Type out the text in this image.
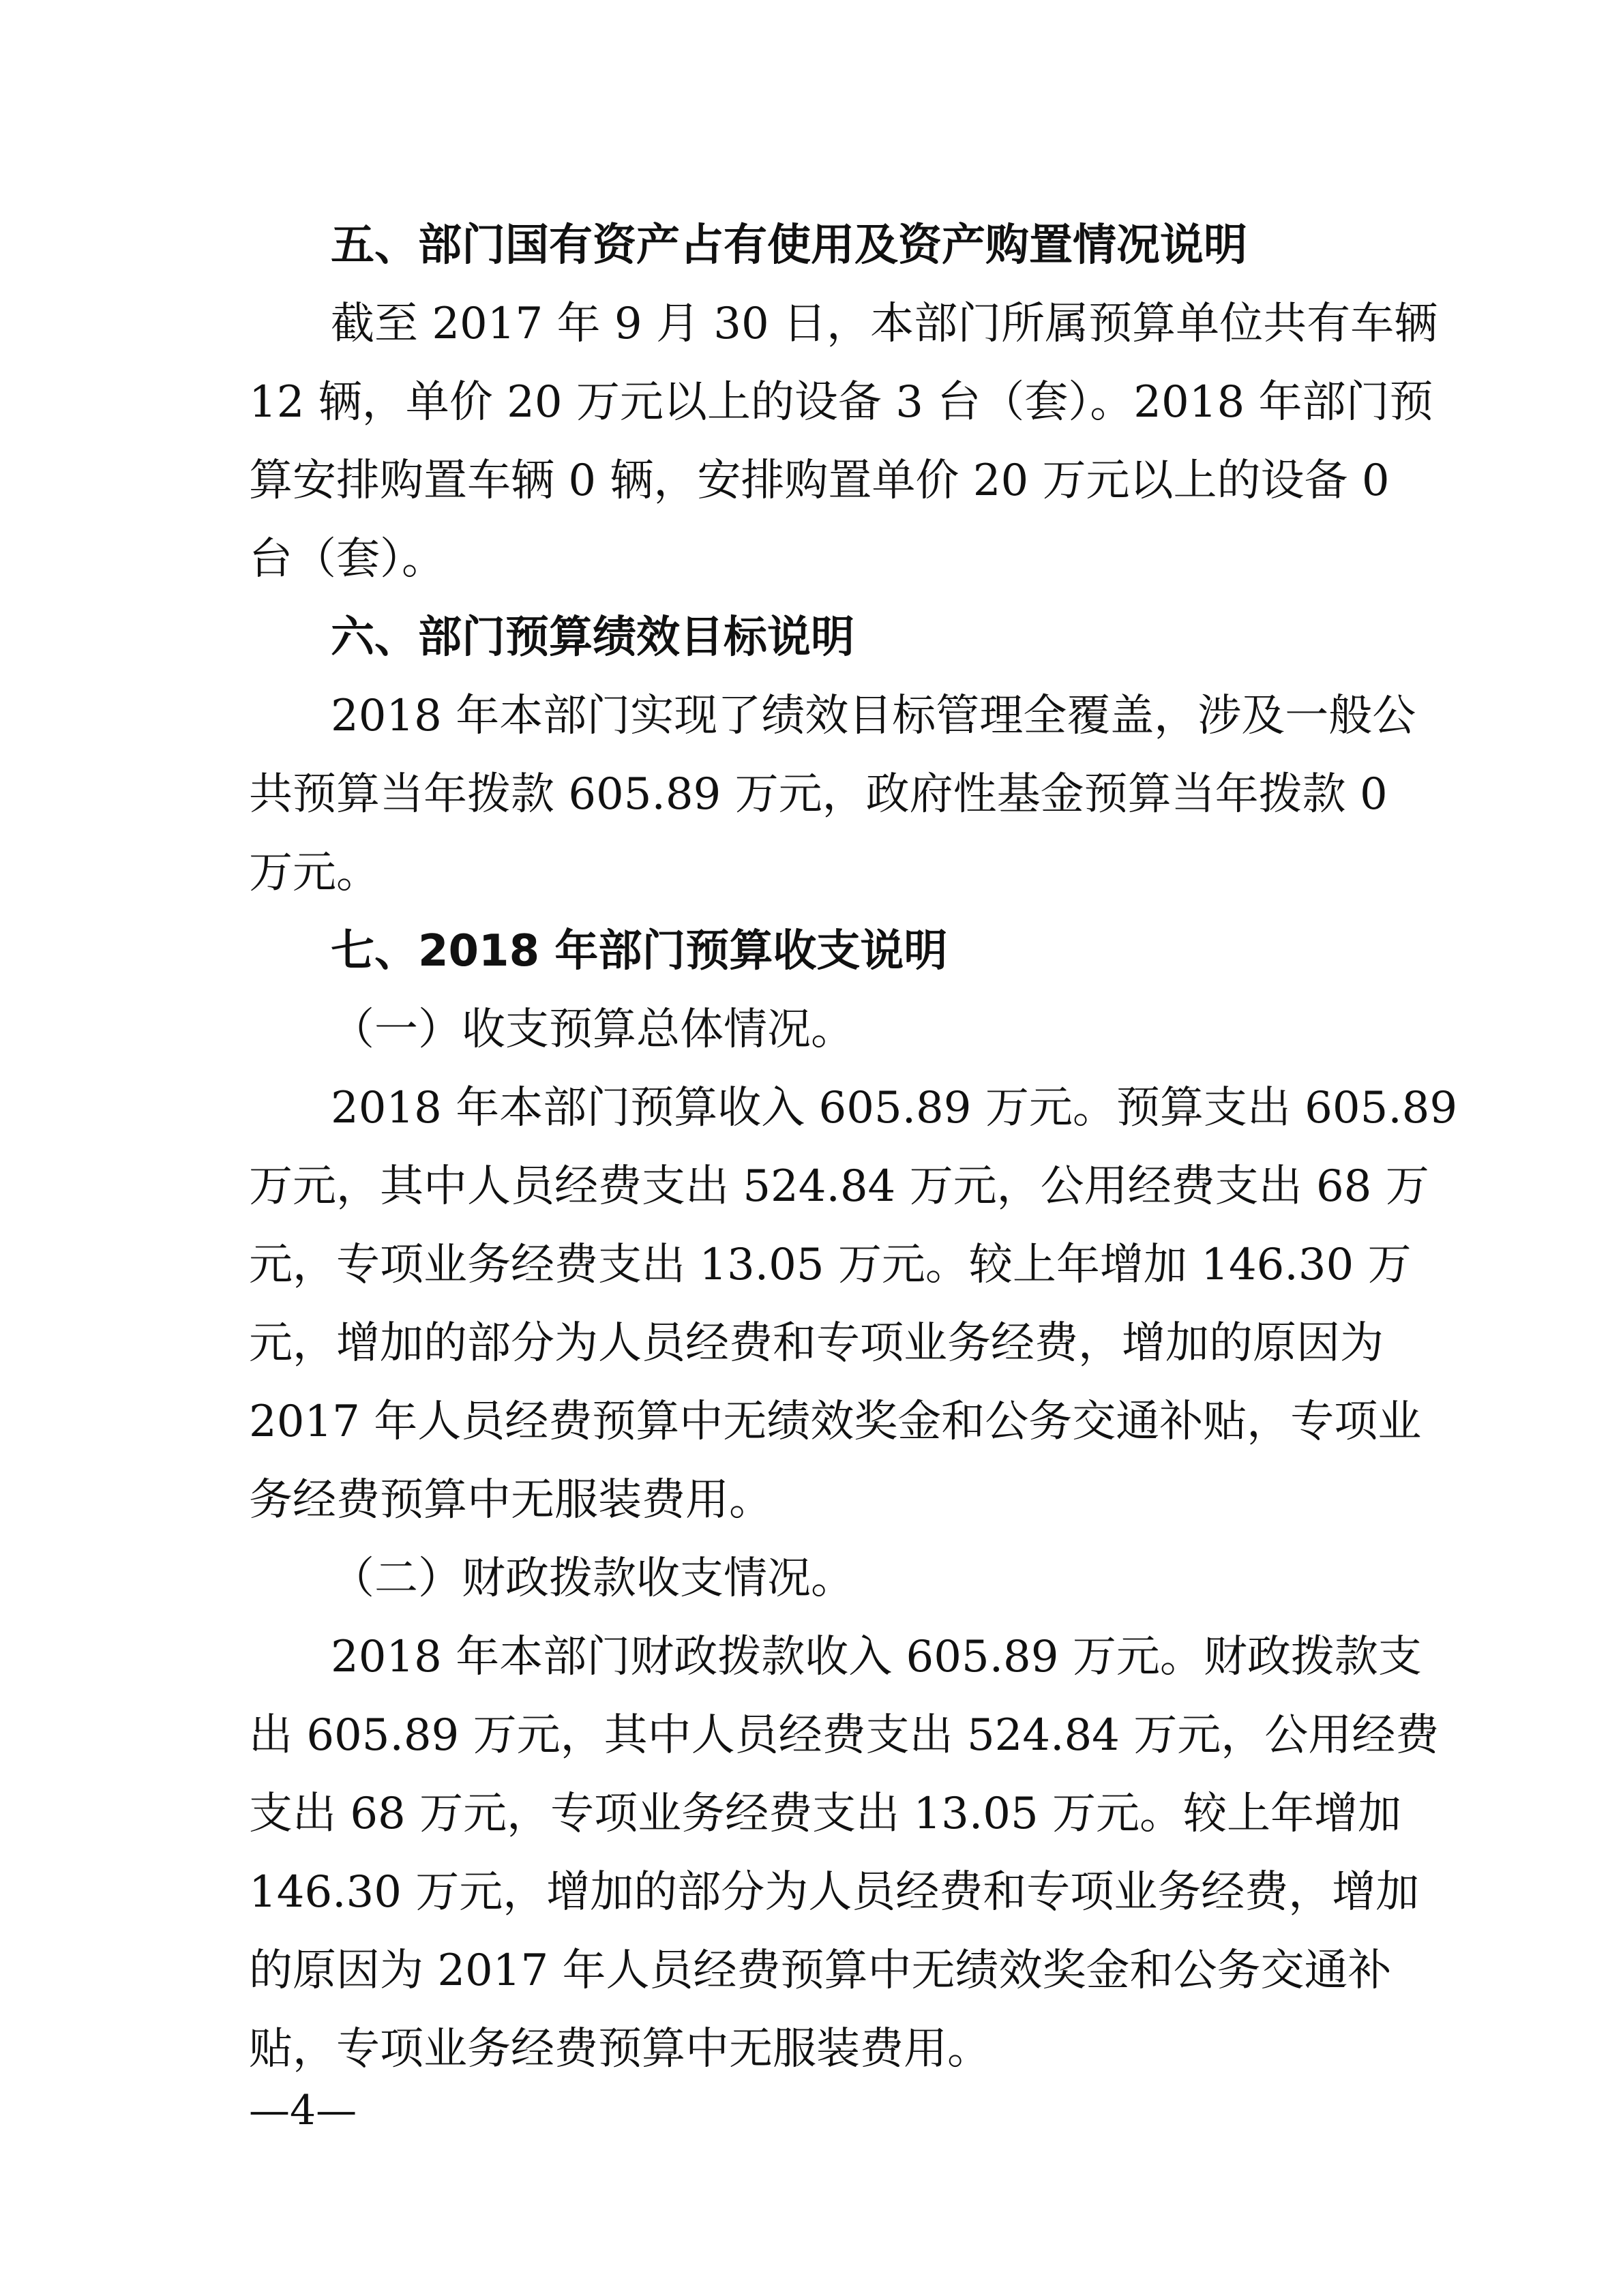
五、部门国有资产占有使用及资产购置情况说明
截至 2017 年 9 月 30 日，本部门所属预算单位共有车辆
12 辆，单价 20 万元以上的设备 3 台（套）。2018 年部门预
算安排购置车辆 0 辆，安排购置单价 20 万元以上的设备 0
台（套）。
六、部门预算绩效目标说明
2018 年本部门实现了绩效目标管理全覆盖，涉及一般公
共预算当年拨款 605.89 万元，政府性基金预算当年拨款 0
万元。
七、2018 年部门预算收支说明
（一）收支预算总体情况。
2018 年本部门预算收入 605.89 万元。预算支出 605.89
万元，其中人员经费支出 524.84 万元，公用经费支出 68 万
元，专项业务经费支出 13.05 万元。较上年增加 146.30 万
元，增加的部分为人员经费和专项业务经费，增加的原因为
2017 年人员经费预算中无绩效奖金和公务交通补贴，专项业
务经费预算中无服装费用。
（二）财政拨款收支情况。
2018 年本部门财政拨款收入 605.89 万元。财政拨款支
出 605.89 万元，其中人员经费支出 524.84 万元，公用经费
支出 68 万元，专项业务经费支出 13.05 万元。较上年增加
146.30 万元，增加的部分为人员经费和专项业务经费，增加
的原因为 2017 年人员经费预算中无绩效奖金和公务交通补
贴，专项业务经费预算中无服装费用。
—4—
